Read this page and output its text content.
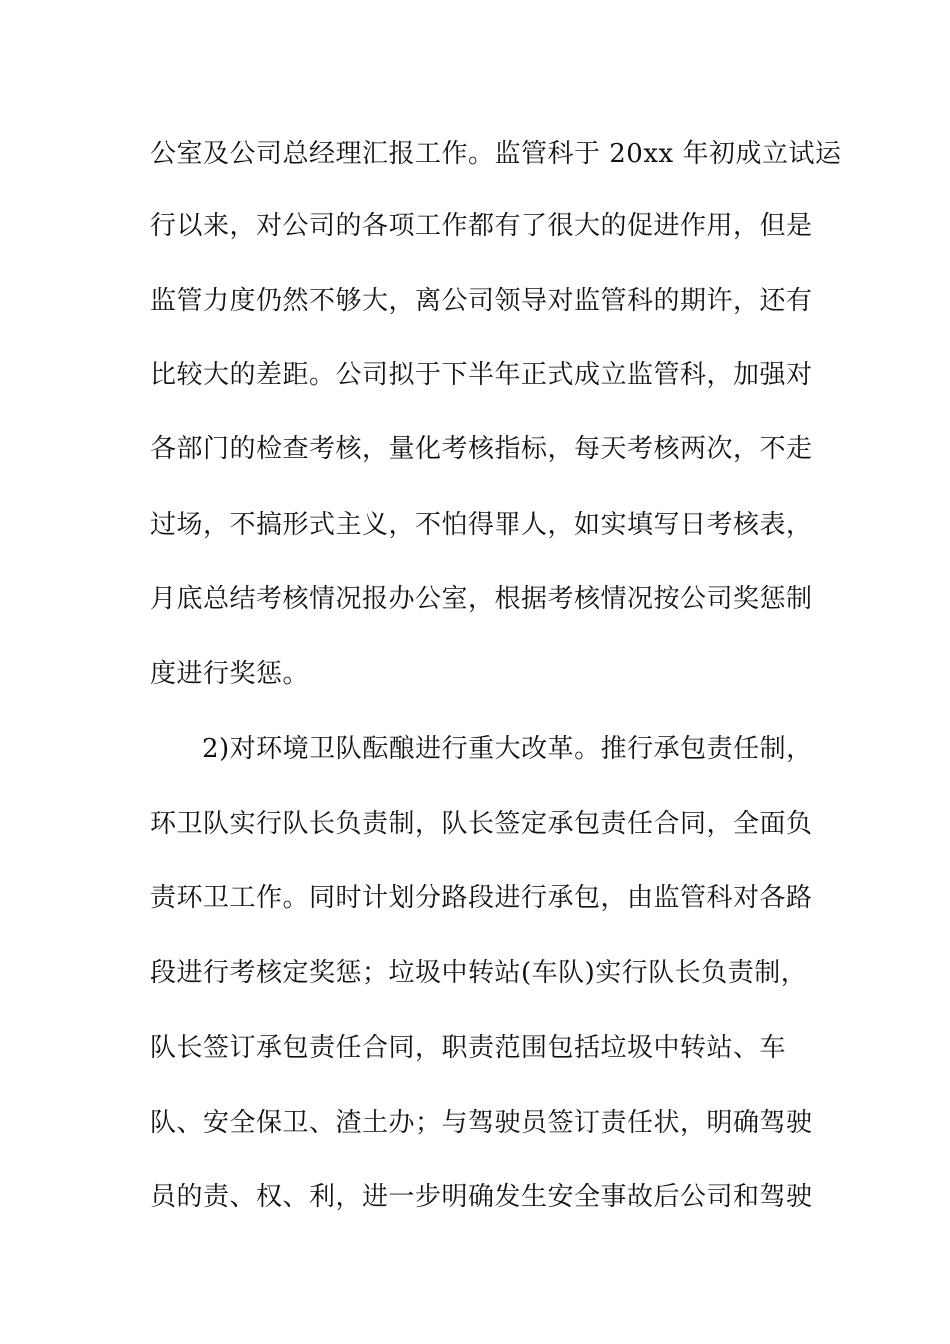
公室及公司总经理汇报工作。监管科于 20xx 年初成立试运
行以来，对公司的各项工作都有了很大的促进作用，但是
监管力度仍然不够大，离公司领导对监管科的期许，还有
比较大的差距。公司拟于下半年正式成立监管科，加强对
各部门的检查考核，量化考核指标，每天考核两次，不走
过场，不搞形式主义，不怕得罪人，如实填写日考核表，
月底总结考核情况报办公室，根据考核情况按公司奖惩制
度进行奖惩。
2)对环境卫队酝酿进行重大改革。推行承包责任制，
环卫队实行队长负责制，队长签定承包责任合同，全面负
责环卫工作。同时计划分路段进行承包，由监管科对各路
段进行考核定奖惩；垃圾中转站(车队)实行队长负责制，
队长签订承包责任合同，职责范围包括垃圾中转站、车
队、安全保卫、渣土办；与驾驶员签订责任状，明确驾驶
员的责、权、利，进一步明确发生安全事故后公司和驾驶
